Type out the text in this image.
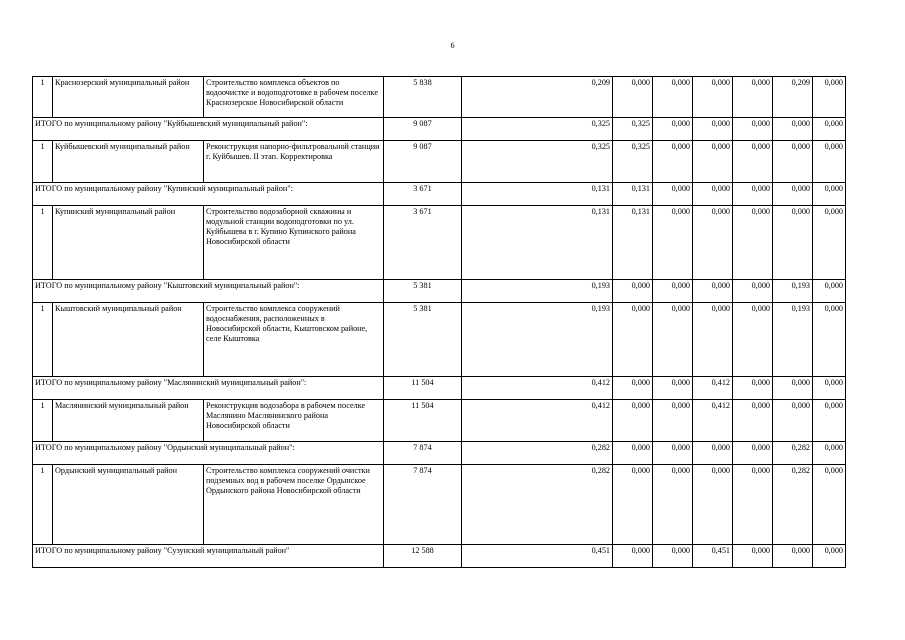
6
1	Краснозерский муниципальный район	Строительство комплекса объектов по водоочистке и водоподготовке в рабочем поселке Краснозерское Новосибирской области	5 838	0,209	0,000	0,000	0,000	0,000	0,209	0,000
ИТОГО по муниципальному району "Куйбышевский муниципальный район":			9 087	0,325	0,325	0,000	0,000	0,000	0,000	0,000
1	Куйбышевский муниципальный район	Реконструкция напорно-фильтровальной станции г. Куйбышев. II этап. Корректировка	9 087	0,325	0,325	0,000	0,000	0,000	0,000	0,000
ИТОГО по муниципальному району "Купинский муниципальный район":			3 671	0,131	0,131	0,000	0,000	0,000	0,000	0,000
1	Купинский муниципальный район	Строительство водозаборной скважины и модульной станции водоподготовки по ул. Куйбышева в г. Купино Купинского района Новосибирской области	3 671	0,131	0,131	0,000	0,000	0,000	0,000	0,000
ИТОГО по муниципальному району "Кыштовский муниципальный район":			5 381	0,193	0,000	0,000	0,000	0,000	0,193	0,000
1	Кыштовский муниципальный район	Строительство комплекса сооружений водоснабжения, расположенных в Новосибирской области, Кыштовском районе, селе Кыштовка	5 381	0,193	0,000	0,000	0,000	0,000	0,193	0,000
ИТОГО по муниципальному району "Маслянинский муниципальный район":			11 504	0,412	0,000	0,000	0,412	0,000	0,000	0,000
1	Маслянинский муниципальный район	Реконструкция водозабора в рабочем поселке Маслянино Маслянинского района Новосибирской области	11 504	0,412	0,000	0,000	0,412	0,000	0,000	0,000
ИТОГО по муниципальному району "Ордынский муниципальный район":			7 874	0,282	0,000	0,000	0,000	0,000	0,282	0,000
1	Ордынский муниципальный район	Строительство комплекса сооружений очистки подземных вод в рабочем поселке Ордынское Ордынского района Новосибирской области	7 874	0,282	0,000	0,000	0,000	0,000	0,282	0,000
ИТОГО по муниципальному району "Сузунский муниципальный район"			12 588	0,451	0,000	0,000	0,451	0,000	0,000	0,000
